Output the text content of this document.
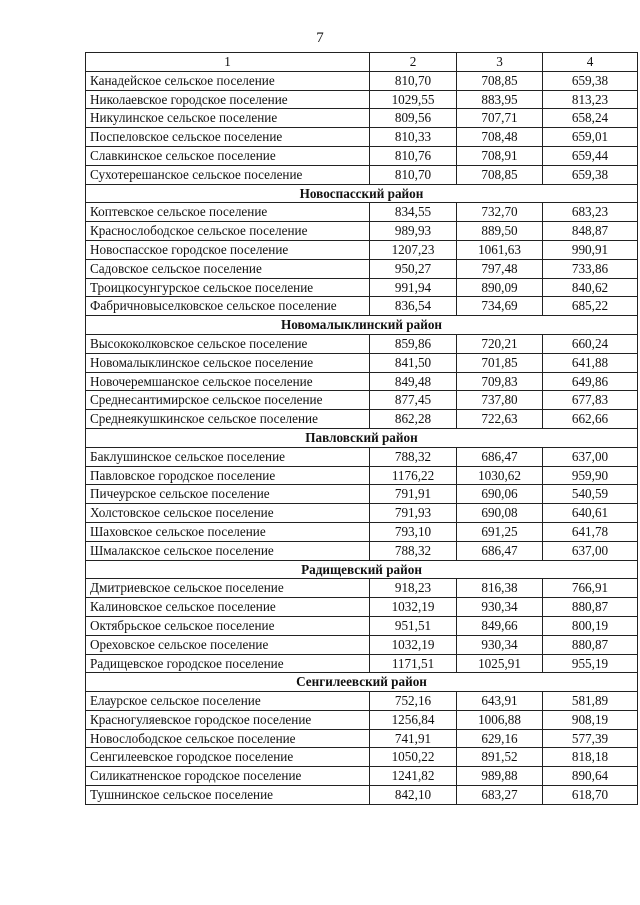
7
1	2	3	4
Канадейское сельское поселение	810,70	708,85	659,38
Николаевское городское поселение	1029,55	883,95	813,23
Никулинское сельское поселение	809,56	707,71	658,24
Поспеловское сельское поселение	810,33	708,48	659,01
Славкинское сельское поселение	810,76	708,91	659,44
Сухотерешанское сельское поселение	810,70	708,85	659,38
Новоспасский район			
Коптевское сельское поселение	834,55	732,70	683,23
Краснослободское сельское поселение	989,93	889,50	848,87
Новоспасское городское поселение	1207,23	1061,63	990,91
Садовское сельское поселение	950,27	797,48	733,86
Троицкосунгурское сельское поселение	991,94	890,09	840,62
Фабричновыселковское сельское поселение	836,54	734,69	685,22
Новомалыклинский район			
Высококолковское сельское поселение	859,86	720,21	660,24
Новомалыклинское сельское поселение	841,50	701,85	641,88
Новочеремшанское сельское поселение	849,48	709,83	649,86
Среднесантимирское сельское поселение	877,45	737,80	677,83
Среднеякушкинское сельское поселение	862,28	722,63	662,66
Павловский район			
Баклушинское сельское поселение	788,32	686,47	637,00
Павловское городское поселение	1176,22	1030,62	959,90
Пичеурское сельское поселение	791,91	690,06	540,59
Холстовское сельское поселение	791,93	690,08	640,61
Шаховское сельское поселение	793,10	691,25	641,78
Шмалакское сельское поселение	788,32	686,47	637,00
Радищевский район			
Дмитриевское сельское поселение	918,23	816,38	766,91
Калиновское сельское поселение	1032,19	930,34	880,87
Октябрьское сельское поселение	951,51	849,66	800,19
Ореховское сельское поселение	1032,19	930,34	880,87
Радищевское городское поселение	1171,51	1025,91	955,19
Сенгилеевский район			
Елаурское сельское поселение	752,16	643,91	581,89
Красногуляевское городское поселение	1256,84	1006,88	908,19
Новослободское сельское поселение	741,91	629,16	577,39
Сенгилеевское городское поселение	1050,22	891,52	818,18
Силикатненское городское поселение	1241,82	989,88	890,64
Тушнинское сельское поселение	842,10	683,27	618,70
